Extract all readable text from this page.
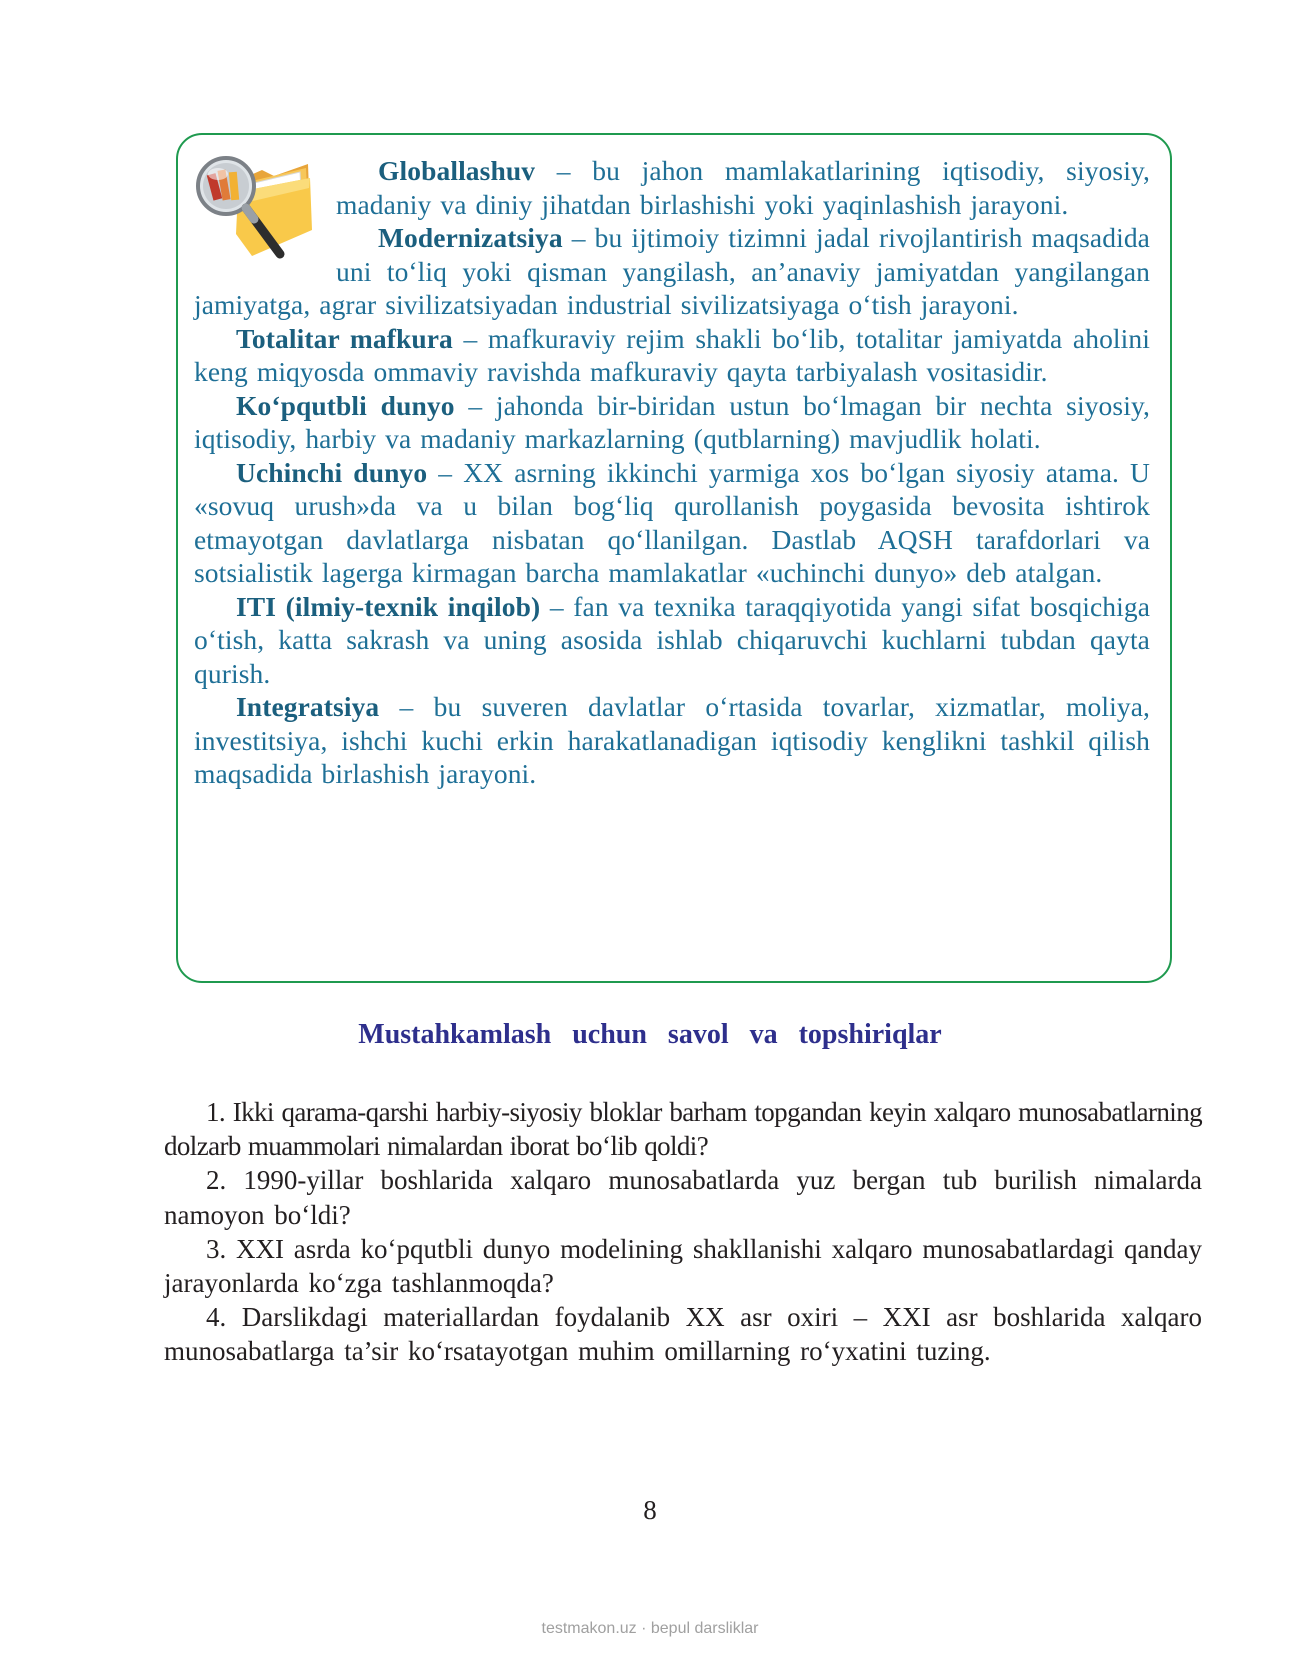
Globallashuv – bu jahon mamlakatlarining iqtisodiy, siyosiy, madaniy va diniy jihatdan birlashishi yoki yaqinlashish jarayoni.

Modernizatsiya – bu ijtimoiy tizimni jadal rivojlantirish maqsadida uni to‘liq yoki qisman yangilash, an’anaviy jamiyatdan yangilangan jamiyatga, agrar sivilizatsiyadan industrial sivilizatsiyaga o‘tish jarayoni.

Totalitar mafkura – mafkuraviy rejim shakli bo‘lib, totalitar jamiyatda aholini keng miqyosda ommaviy ravishda mafkuraviy qayta tarbiyalash vositasidir.

Ko‘pqutbli dunyo – jahonda bir-biridan ustun bo‘lmagan bir nechta siyosiy, iqtisodiy, harbiy va madaniy markazlarning (qutblarning) mavjudlik holati.

Uchinchi dunyo – XX asrning ikkinchi yarmiga xos bo‘lgan siyosiy atama. U «sovuq urush»da va u bilan bog‘liq qurollanish poygasida bevosita ishtirok etmayotgan davlatlarga nisbatan qo‘llanilgan. Dastlab AQSH tarafdorlari va sotsialistik lagerga kirmagan barcha mamlakatlar «uchinchi dunyo» deb atalgan.

ITI (ilmiy-texnik inqilob) – fan va texnika taraqqiyotida yangi sifat bosqichiga o‘tish, katta sakrash va uning asosida ishlab chiqaruvchi kuchlarni tubdan qayta qurish.

Integratsiya – bu suveren davlatlar o‘rtasida tovarlar, xizmatlar, moliya, investitsiya, ishchi kuchi erkin harakatlanadigan iqtisodiy kenglikni tashkil qilish maqsadida birlashish jarayoni.

Mustahkamlash uchun savol va topshiriqlar

1. Ikki qarama-qarshi harbiy-siyosiy bloklar barham topgandan keyin xalqaro munosabatlarning dolzarb muammolari nimalardan iborat bo‘lib qoldi?

2. 1990-yillar boshlarida xalqaro munosabatlarda yuz bergan tub burilish nimalarda namoyon bo‘ldi?

3. XXI asrda ko‘pqutbli dunyo modelining shakllanishi xalqaro munosabatlardagi qanday jarayonlarda ko‘zga tashlanmoqda?

4. Darslikdagi materiallardan foydalanib XX asr oxiri – XXI asr boshlarida xalqaro munosabatlarga ta’sir ko‘rsatayotgan muhim omillarning ro‘yxatini tuzing.

8
testmakon.uz · bepul darsliklar
